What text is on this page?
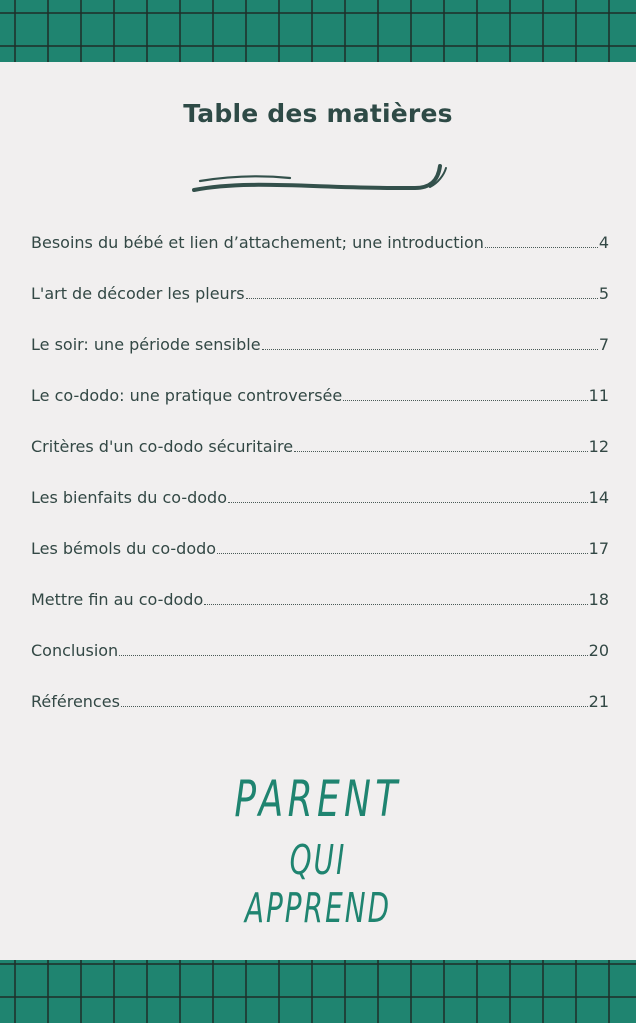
Table des matières
Besoins du bébé et lien d’attachement; une introduction	4
L'art de décoder les pleurs	5
Le soir: une période sensible	7
Le co-dodo: une pratique controversée	11
Critères d'un co-dodo sécuritaire	12
Les bienfaits du co-dodo	14
Les bémols du co-dodo	17
Mettre fin au co-dodo	18
Conclusion	20
Références	21
PARENT
QUI APPREND
